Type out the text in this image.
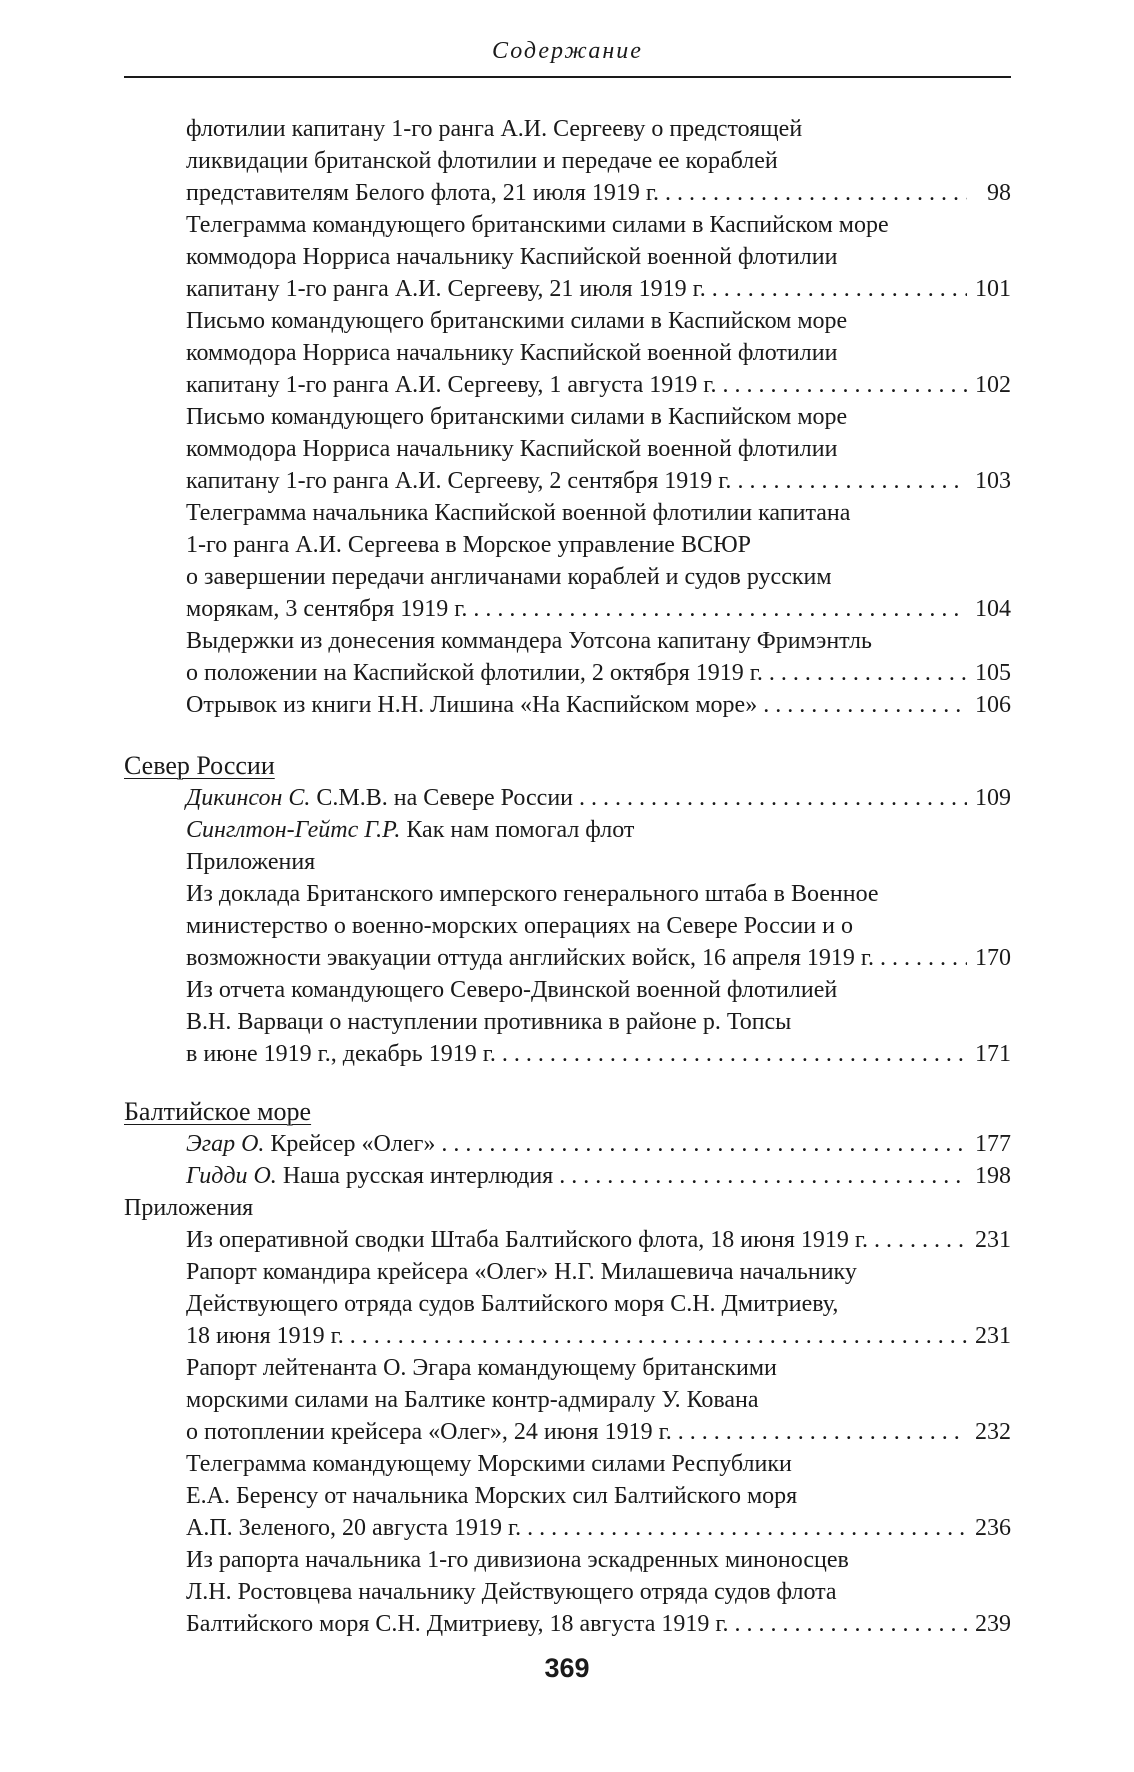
Содержание
флотилии капитану 1-го ранга А.И. Сергееву о предстоящей
ликвидации британской флотилии и передаче ее кораблей
представителям Белого флота, 21 июля 1919 г. . . .	98
Телеграмма командующего британскими силами в Каспийском море
коммодора Норриса начальнику Каспийской военной флотилии
капитану 1-го ранга А.И. Сергееву, 21 июля 1919 г. . . .	101
Письмо командующего британскими силами в Каспийском море
коммодора Норриса начальнику Каспийской военной флотилии
капитану 1-го ранга А.И. Сергееву, 1 августа 1919 г. . . .	102
Письмо командующего британскими силами в Каспийском море
коммодора Норриса начальнику Каспийской военной флотилии
капитану 1-го ранга А.И. Сергееву, 2 сентября 1919 г. . . .	103
Телеграмма начальника Каспийской военной флотилии капитана
1-го ранга А.И. Сергеева в Морское управление ВСЮР
о завершении передачи англичанами кораблей и судов русским
морякам, 3 сентября 1919 г. . . .	104
Выдержки из донесения коммандера Уотсона капитану Фримэнтль
о положении на Каспийской флотилии, 2 октября 1919 г. . . .	105
Отрывок из книги Н.Н. Лишина «На Каспийском море» . . .	106
Север России
Дикинсон С. С.М.В. на Севере России . . .	109
Синглтон-Гейтс Г.Р. Как нам помогал флот
Приложения
Из доклада Британского имперского генерального штаба в Военное
министерство о военно-морских операциях на Севере России и о
возможности эвакуации оттуда английских войск, 16 апреля 1919 г. . . .	170
Из отчета командующего Северо-Двинской военной флотилией
В.Н. Варваци о наступлении противника в районе р. Топсы
в июне 1919 г., декабрь 1919 г. . . .	171
Балтийское море
Эгар О. Крейсер «Олег» . . .	177
Гидди О. Наша русская интерлюдия . . .	198
Приложения
Из оперативной сводки Штаба Балтийского флота, 18 июня 1919 г. . . .	231
Рапорт командира крейсера «Олег» Н.Г. Милашевича начальнику
Действующего отряда судов Балтийского моря С.Н. Дмитриеву,
18 июня 1919 г. . . .	231
Рапорт лейтенанта О. Эгара командующему британскими
морскими силами на Балтике контр-адмиралу У. Кована
о потоплении крейсера «Олег», 24 июня 1919 г. . . .	232
Телеграмма командующему Морскими силами Республики
Е.А. Беренсу от начальника Морских сил Балтийского моря
А.П. Зеленого, 20 августа 1919 г. . . .	236
Из рапорта начальника 1-го дивизиона эскадренных миноносцев
Л.Н. Ростовцева начальнику Действующего отряда судов флота
Балтийского моря С.Н. Дмитриеву, 18 августа 1919 г. . . .	239
369
